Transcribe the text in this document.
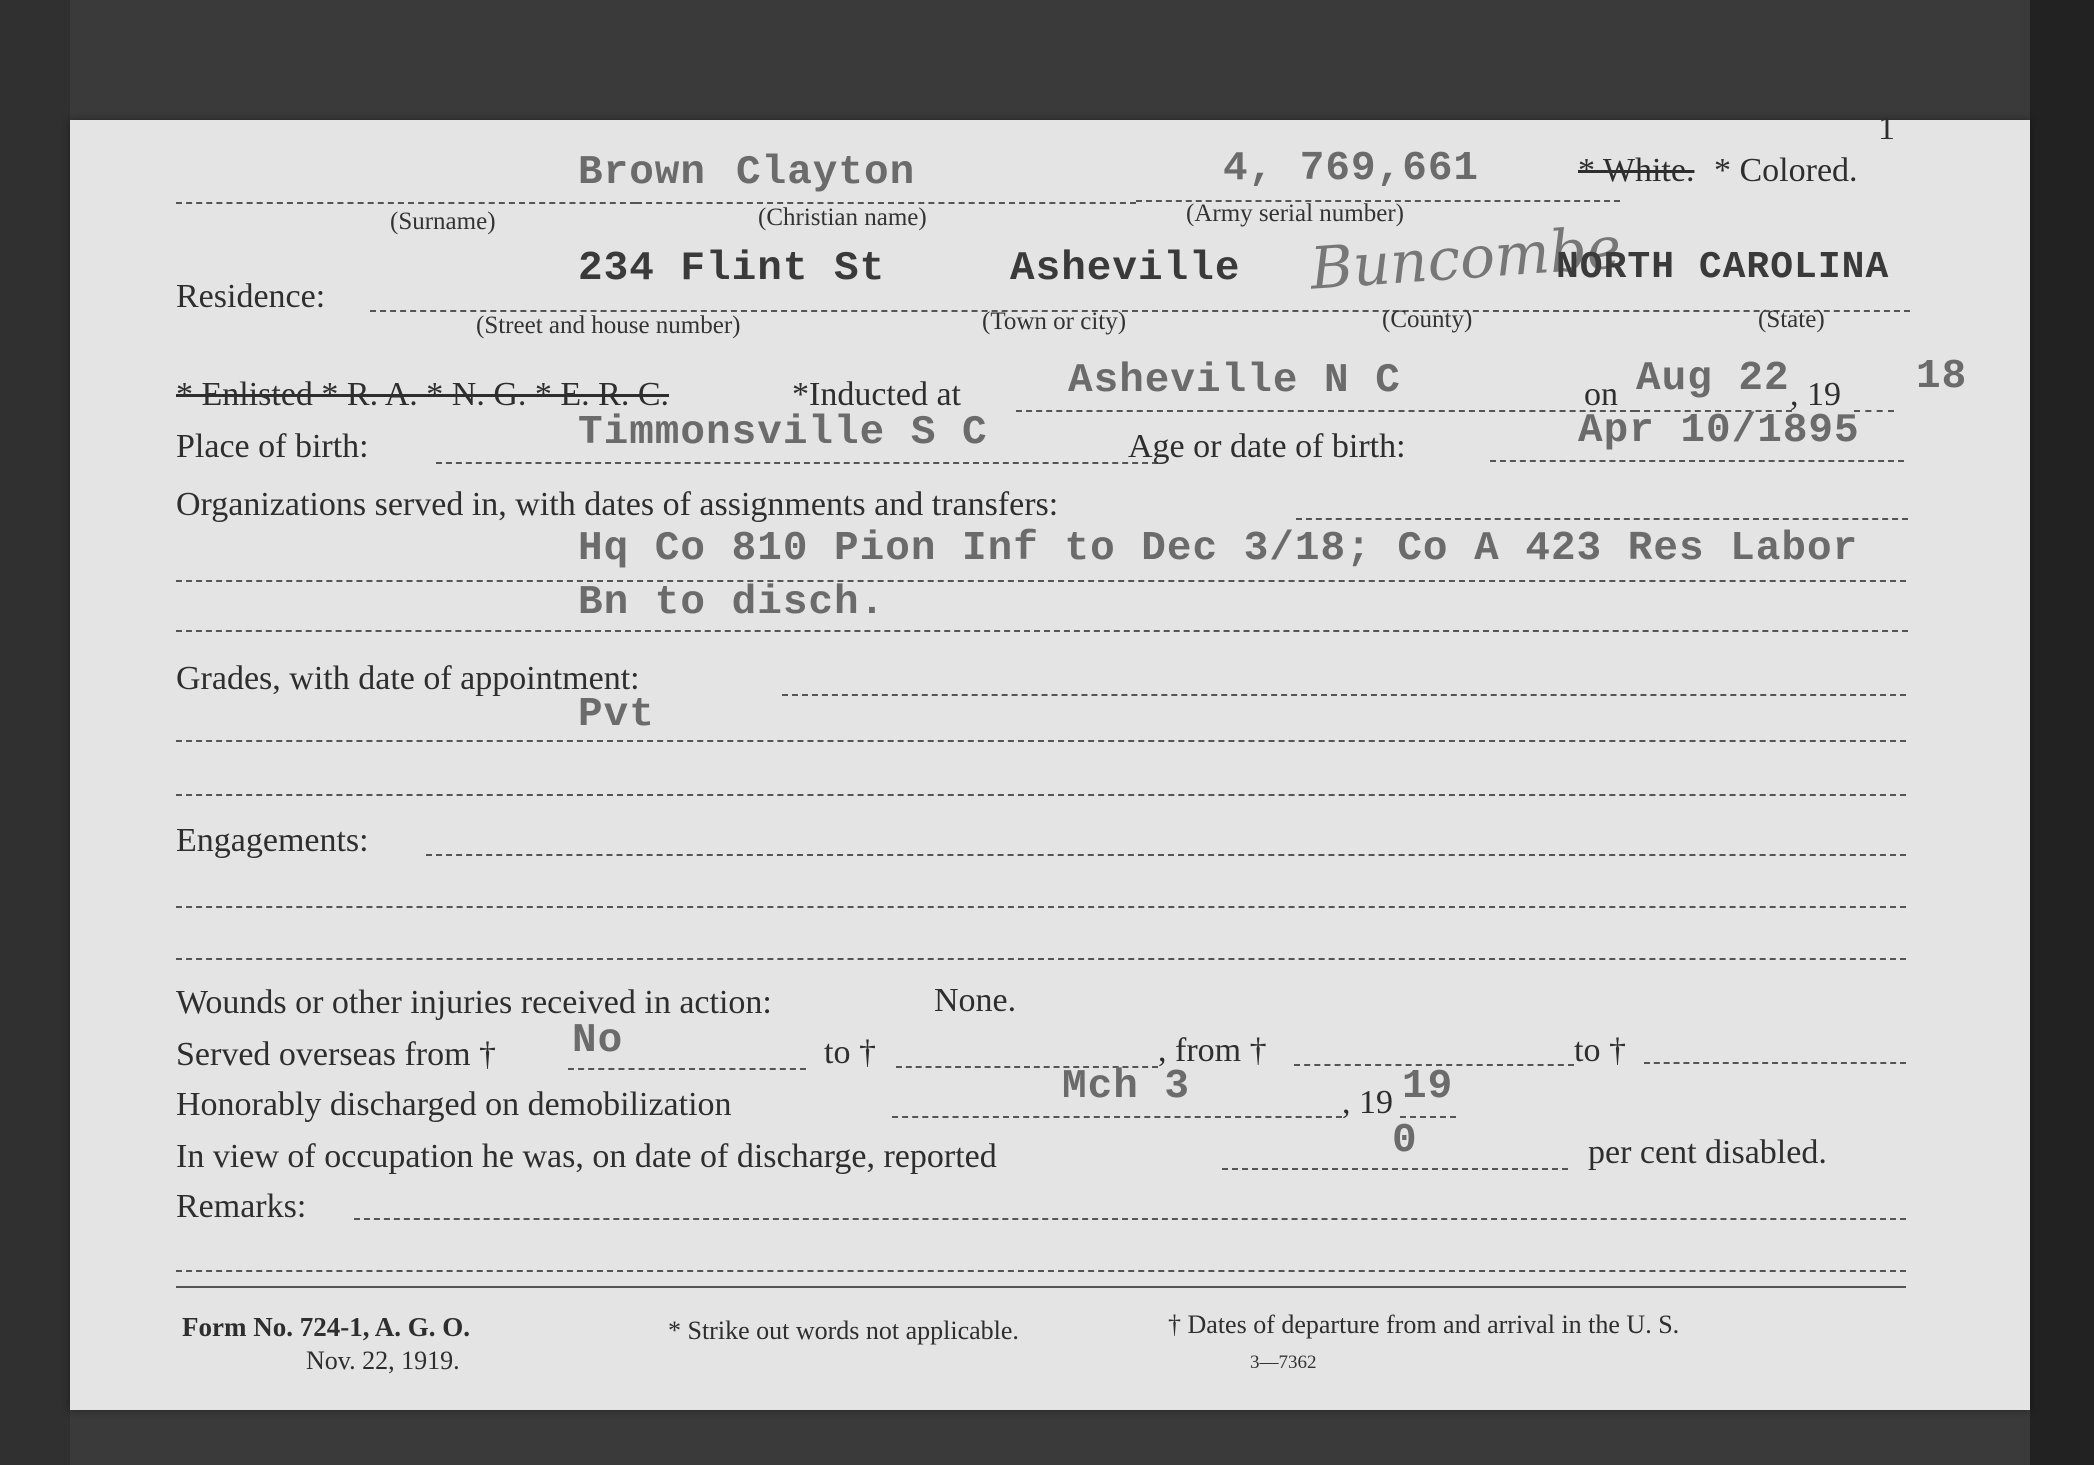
1
Brown Clayton	4, 769,661	* White. * Colored.
(Surname)	(Christian name)	(Army serial number)
Residence:
234 Flint St	Asheville Buncombe
NORTH CAROLINA
(Street and house number)	(Town or city)	(County)	(State)
* Enlisted * R. A. * N. G. * E. R. C.	*Inducted at	Asheville N C	on Aug 22 , 19 18
Place of birth:	Timmonsville S C	Age or date of birth:	Apr 10/1895
Organizations served in, with dates of assignments and transfers:
Hq Co 810 Pion Inf to Dec 3/18; Co A 423 Res Labor
Bn to disch.
Grades, with date of appointment:
Pvt
Engagements:
Wounds or other injuries received in action:	None.
Served overseas from † No	to †	, from †	to †
Honorably discharged on demobilization	Mch 3	, 19 19
In view of occupation he was, on date of discharge, reported	0	per cent disabled.
Remarks:
Form No. 724-1, A. G. O.
Nov. 22, 1919.
* Strike out words not applicable.	† Dates of departure from and arrival in the U. S.
3—7362
